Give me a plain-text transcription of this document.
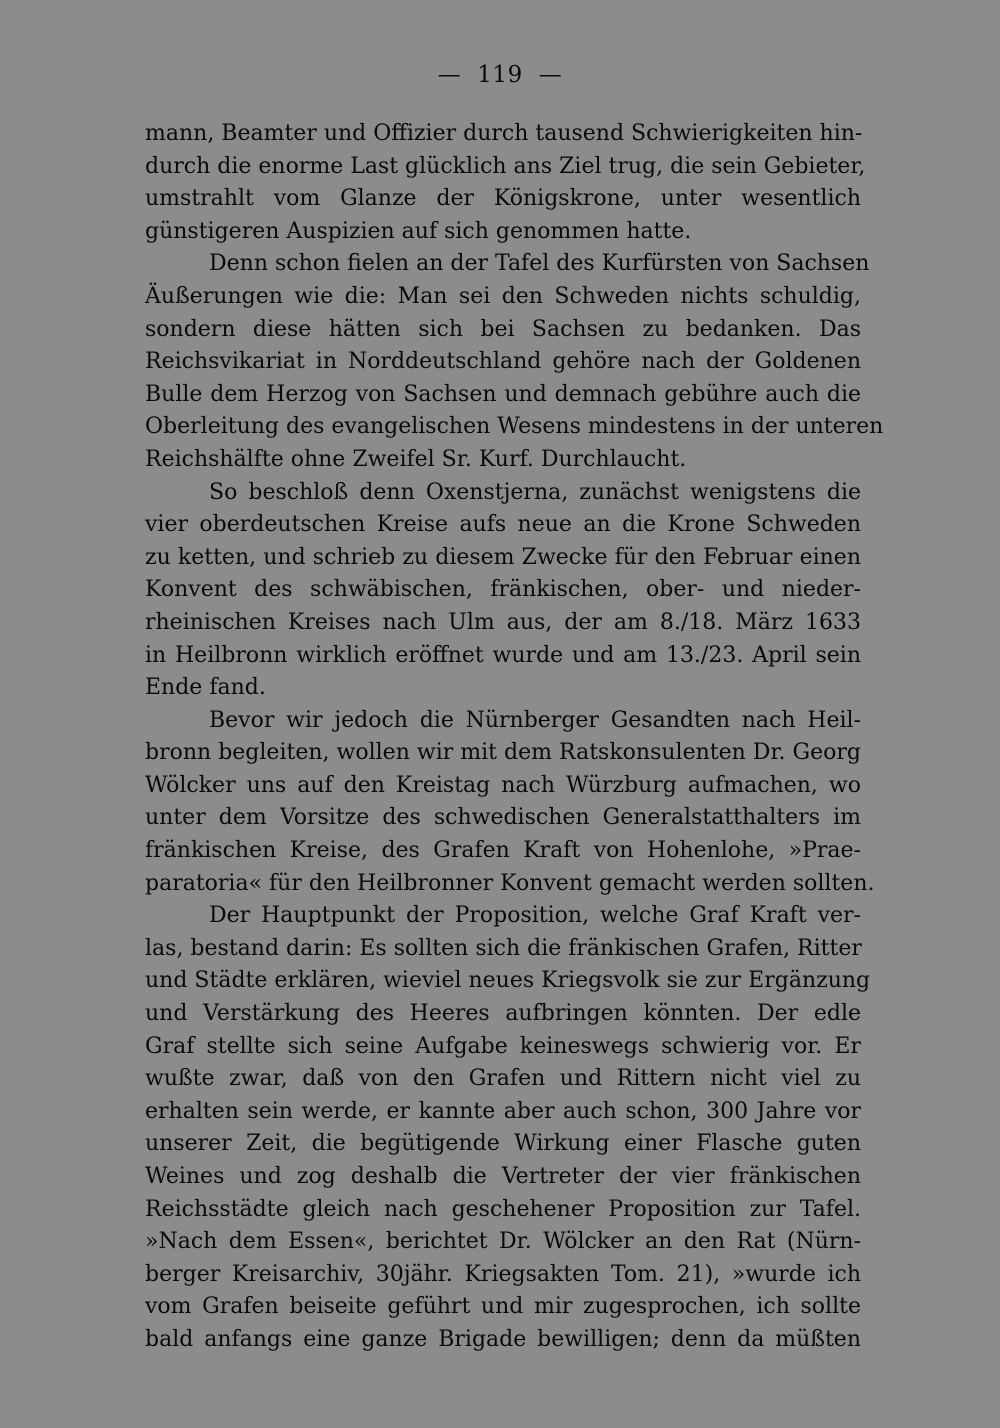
— 119 —
mann, Beamter und Offizier durch tausend Schwierigkeiten hin-
durch die enorme Last glücklich ans Ziel trug, die sein Gebieter,
umstrahlt vom Glanze der Königskrone, unter wesentlich
günstigeren Auspizien auf sich genommen hatte.
Denn schon fielen an der Tafel des Kurfürsten von Sachsen
Äußerungen wie die: Man sei den Schweden nichts schuldig,
sondern diese hätten sich bei Sachsen zu bedanken. Das
Reichsvikariat in Norddeutschland gehöre nach der Goldenen
Bulle dem Herzog von Sachsen und demnach gebühre auch die
Oberleitung des evangelischen Wesens mindestens in der unteren
Reichshälfte ohne Zweifel Sr. Kurf. Durchlaucht.
So beschloß denn Oxenstjerna, zunächst wenigstens die
vier oberdeutschen Kreise aufs neue an die Krone Schweden
zu ketten, und schrieb zu diesem Zwecke für den Februar einen
Konvent des schwäbischen, fränkischen, ober- und nieder-
rheinischen Kreises nach Ulm aus, der am 8./18. März 1633
in Heilbronn wirklich eröffnet wurde und am 13./23. April sein
Ende fand.
Bevor wir jedoch die Nürnberger Gesandten nach Heil-
bronn begleiten, wollen wir mit dem Ratskonsulenten Dr. Georg
Wölcker uns auf den Kreistag nach Würzburg aufmachen, wo
unter dem Vorsitze des schwedischen Generalstatthalters im
fränkischen Kreise, des Grafen Kraft von Hohenlohe, »Prae-
paratoria« für den Heilbronner Konvent gemacht werden sollten.
Der Hauptpunkt der Proposition, welche Graf Kraft ver-
las, bestand darin: Es sollten sich die fränkischen Grafen, Ritter
und Städte erklären, wieviel neues Kriegsvolk sie zur Ergänzung
und Verstärkung des Heeres aufbringen könnten. Der edle
Graf stellte sich seine Aufgabe keineswegs schwierig vor. Er
wußte zwar, daß von den Grafen und Rittern nicht viel zu
erhalten sein werde, er kannte aber auch schon, 300 Jahre vor
unserer Zeit, die begütigende Wirkung einer Flasche guten
Weines und zog deshalb die Vertreter der vier fränkischen
Reichsstädte gleich nach geschehener Proposition zur Tafel.
»Nach dem Essen«, berichtet Dr. Wölcker an den Rat (Nürn-
berger Kreisarchiv, 30jähr. Kriegsakten Tom. 21), »wurde ich
vom Grafen beiseite geführt und mir zugesprochen, ich sollte
bald anfangs eine ganze Brigade bewilligen; denn da müßten
